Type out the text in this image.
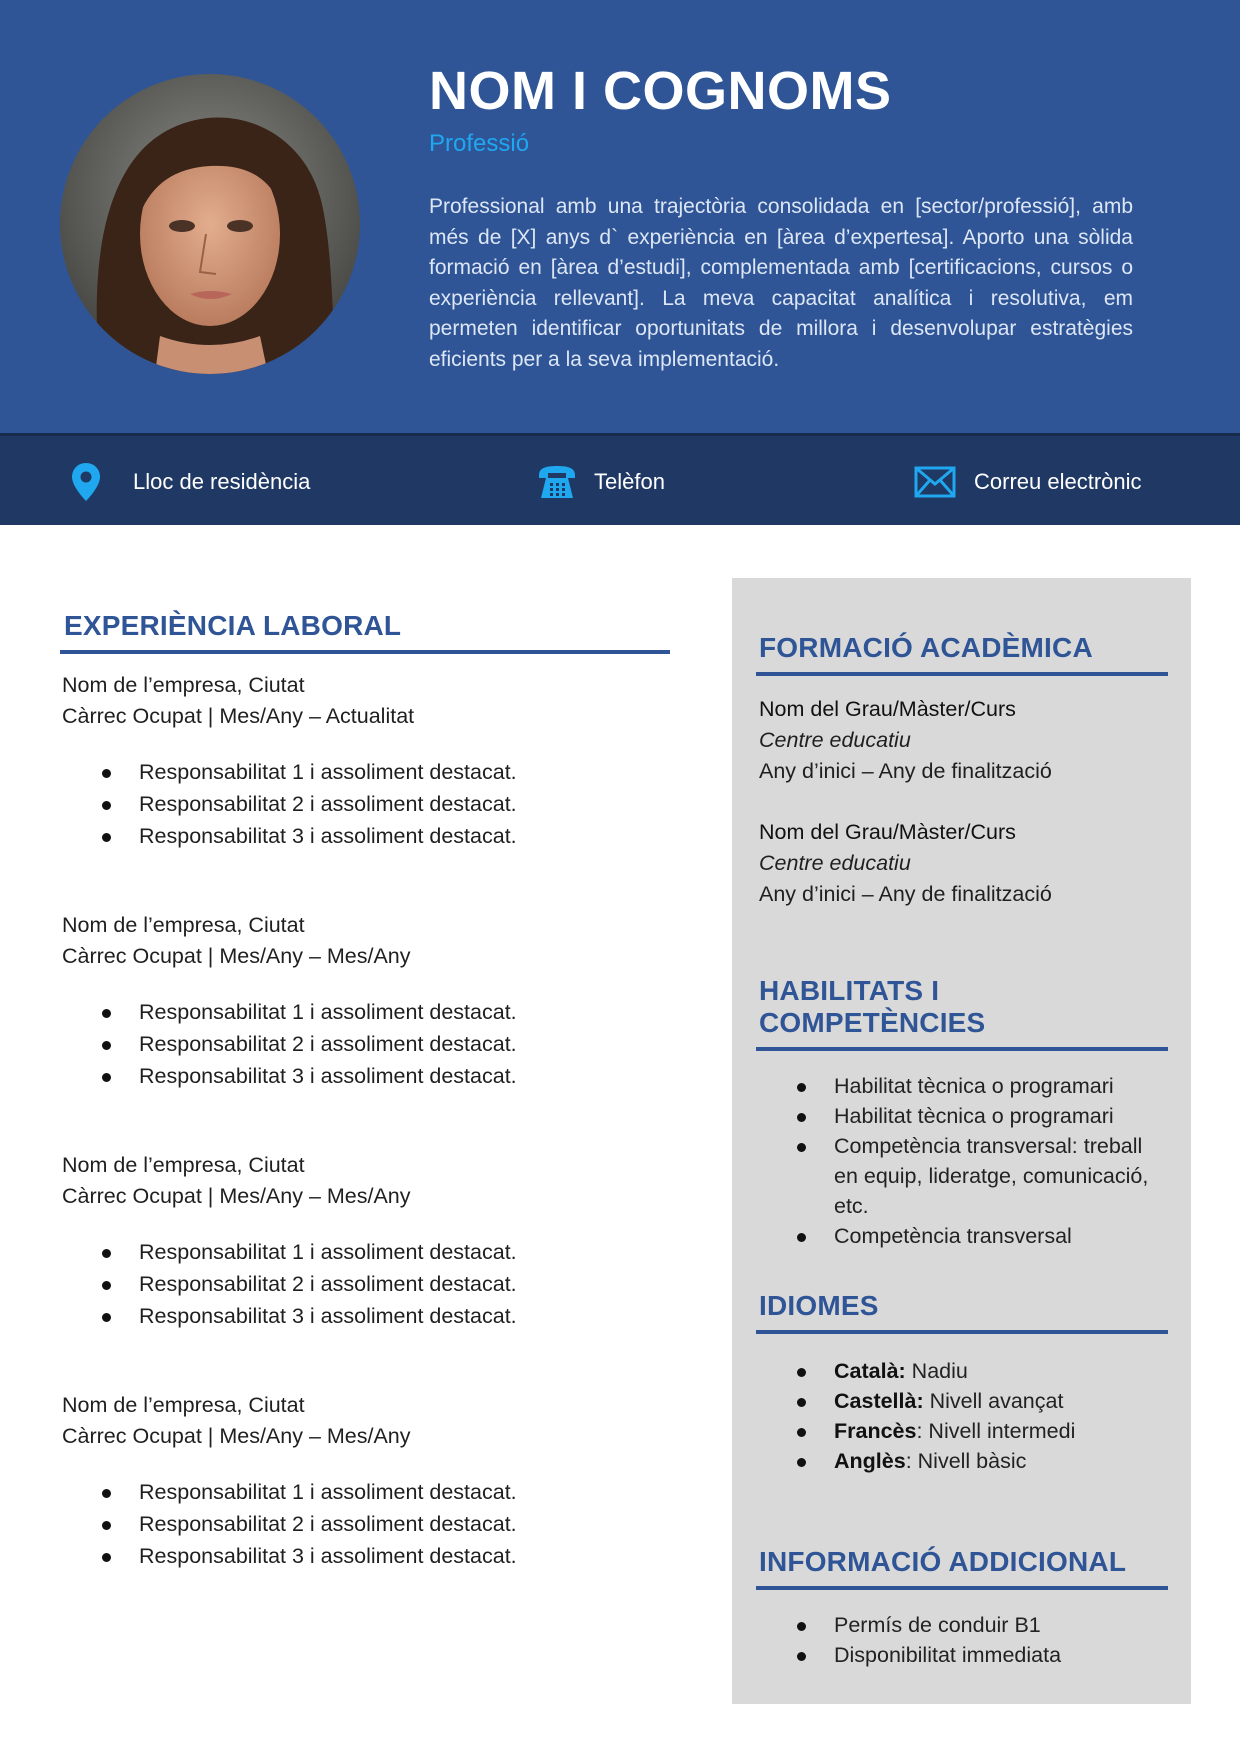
NOM I COGNOMS
Professió
Professional amb una trajectòria consolidada en [sector/professió], amb més de [X] anys d` experiència en [àrea d’expertesa]. Aporto una sòlida formació en [àrea d’estudi], complementada amb [certificacions, cursos o experiència rellevant]. La meva capacitat analítica i resolutiva, em permeten identificar oportunitats de millora i desenvolupar estratègies eficients per a la seva implementació.
Lloc de residència	Telèfon	Correu electrònic
EXPERIÈNCIA LABORAL
Nom de l’empresa, Ciutat
Càrrec Ocupat | Mes/Any – Actualitat
Responsabilitat 1 i assoliment destacat.
Responsabilitat 2 i assoliment destacat.
Responsabilitat 3 i assoliment destacat.
Nom de l’empresa, Ciutat
Càrrec Ocupat | Mes/Any – Mes/Any
Responsabilitat 1 i assoliment destacat.
Responsabilitat 2 i assoliment destacat.
Responsabilitat 3 i assoliment destacat.
Nom de l’empresa, Ciutat
Càrrec Ocupat | Mes/Any – Mes/Any
Responsabilitat 1 i assoliment destacat.
Responsabilitat 2 i assoliment destacat.
Responsabilitat 3 i assoliment destacat.
Nom de l’empresa, Ciutat
Càrrec Ocupat | Mes/Any – Mes/Any
Responsabilitat 1 i assoliment destacat.
Responsabilitat 2 i assoliment destacat.
Responsabilitat 3 i assoliment destacat.
FORMACIÓ ACADÈMICA
Nom del Grau/Màster/Curs
Centre educatiu
Any d’inici – Any de finalització
Nom del Grau/Màster/Curs
Centre educatiu
Any d’inici – Any de finalització
HABILITATS I COMPETÈNCIES
Habilitat tècnica o programari
Habilitat tècnica o programari
Competència transversal: treball en equip, lideratge, comunicació, etc.
Competència transversal
IDIOMES
Català: Nadiu
Castellà: Nivell avançat
Francès: Nivell intermedi
Anglès: Nivell bàsic
INFORMACIÓ ADDICIONAL
Permís de conduir B1
Disponibilitat immediata
